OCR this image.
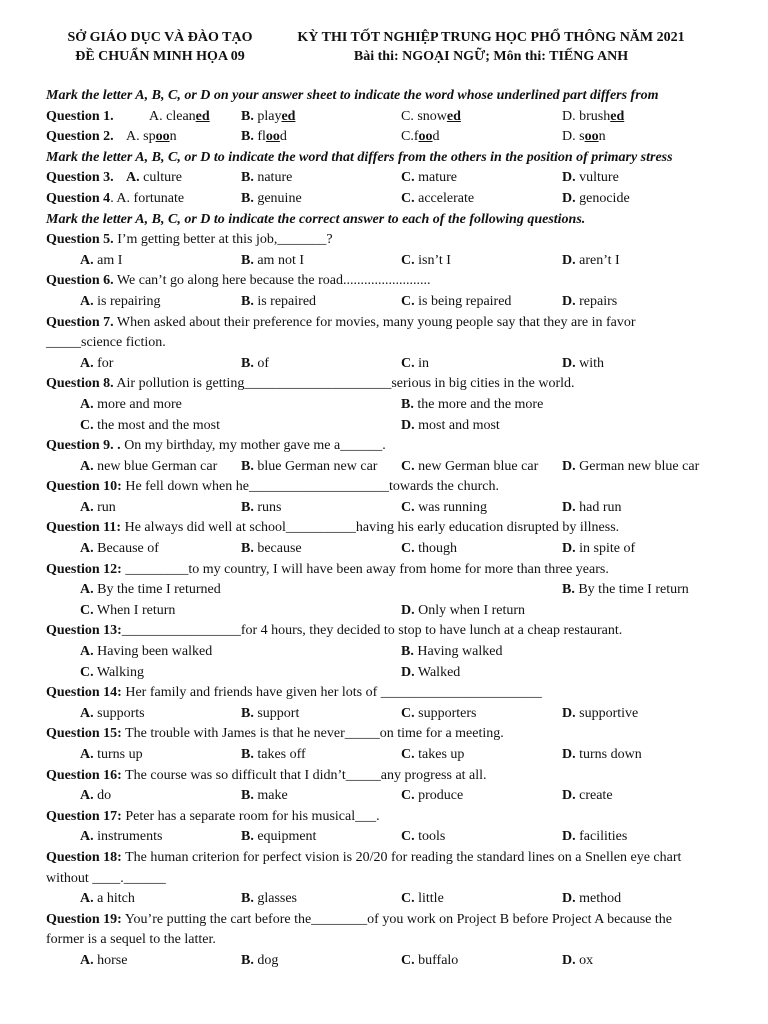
SỞ GIÁO DỤC VÀ ĐÀO TẠO
ĐỀ CHUẨN MINH HỌA 09
KỲ THI TỐT NGHIỆP TRUNG HỌC PHỔ THÔNG NĂM 2021
Bài thi: NGOẠI NGỮ; Môn thi: TIẾNG ANH
Mark the letter A, B, C, or D on your answer sheet to indicate the word whose underlined part differs from
Question 1.	A. cleaned B. played	C. snowed	D. brushed
Question 2. A. spoon	B. flood	C.food	D. soon
Mark the letter A, B, C, or D to indicate the word that differs from the others in the position of primary stress
Question 3. A. culture	B. nature	C. mature	D. vulture
Question 4. A. fortunate	B. genuine	C. accelerate	D. genocide
Mark the letter A, B, C, or D to indicate the correct answer to each of the following questions.
Question 5. I’m getting better at this job,_______?
A. am I	B. am not I	C. isn’t I	D. aren’t I
Question 6. We can’t go along here because the road.........................
A. is repairing	B. is repaired	C. is being repaired	D. repairs
Question 7. When asked about their preference for movies, many young people say that they are in favor
_____science fiction.
A. for	B. of	C. in	D. with
Question 8. Air pollution is getting_____________________serious in big cities in the world.
A. more and more	B. the more and the more
C. the most and the most	D. most and most
Question 9. . On my birthday, my mother gave me a______.
A. new blue German car B. blue German new car C. new German blue car D. German new blue car
Question 10: He fell down when he____________________towards the church.
A. run	B. runs	C. was running	D. had run
Question 11: He always did well at school__________having his early education disrupted by illness.
A. Because of	B. because	C. though	D. in spite of
Question 12: _________to my country, I will have been away from home for more than three years.
A. By the time I returned	B. By the time I return
C. When I return	D. Only when I return
Question 13:_________________for 4 hours, they decided to stop to have lunch at a cheap restaurant.
A. Having been walked	B. Having walked
C. Walking	D. Walked
Question 14: Her family and friends have given her lots of _______________________
A. supports	B. support	C. supporters	D. supportive
Question 15: The trouble with James is that he never_____on time for a meeting.
A. turns up	B. takes off	C. takes up	D. turns down
Question 16: The course was so difficult that I didn’t_____any progress at all.
A. do	B. make	C. produce	D. create
Question 17: Peter has a separate room for his musical___.
A. instruments	B. equipment	C. tools	D. facilities
Question 18: The human criterion for perfect vision is 20/20 for reading the standard lines on a Snellen eye chart
without ____.______
A. a hitch	B. glasses	C. little	D. method
Question 19: You’re putting the cart before the________of you work on Project B before Project A because the
former is a sequel to the latter.
A. horse	B. dog	C. buffalo	D. ox
